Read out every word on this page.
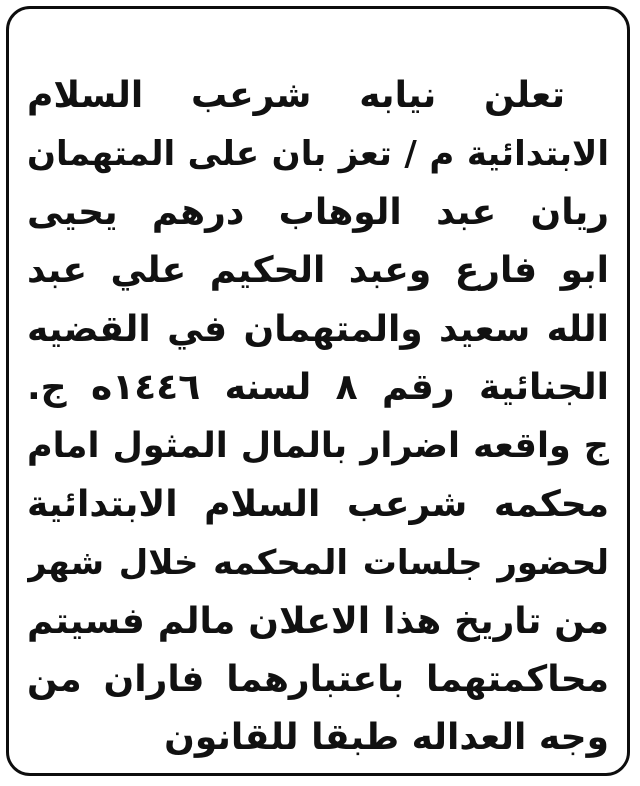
تعلن نيابه شرعب السلام
الابتدائية م / تعز بان على المتهمان
ريان عبد الوهاب درهم يحيى
ابو فارع وعبد الحكيم علي عبد
الله سعيد والمتهمان في القضيه
الجنائية رقم ٨ لسنه ١٤٤٦ه ج.
ج واقعه اضرار بالمال المثول امام
محكمه شرعب السلام الابتدائية
لحضور جلسات المحكمه خلال شهر
من تاريخ هذا الاعلان مالم فسيتم
محاكمتهما باعتبارهما فاران من
وجه العداله طبقا للقانون
